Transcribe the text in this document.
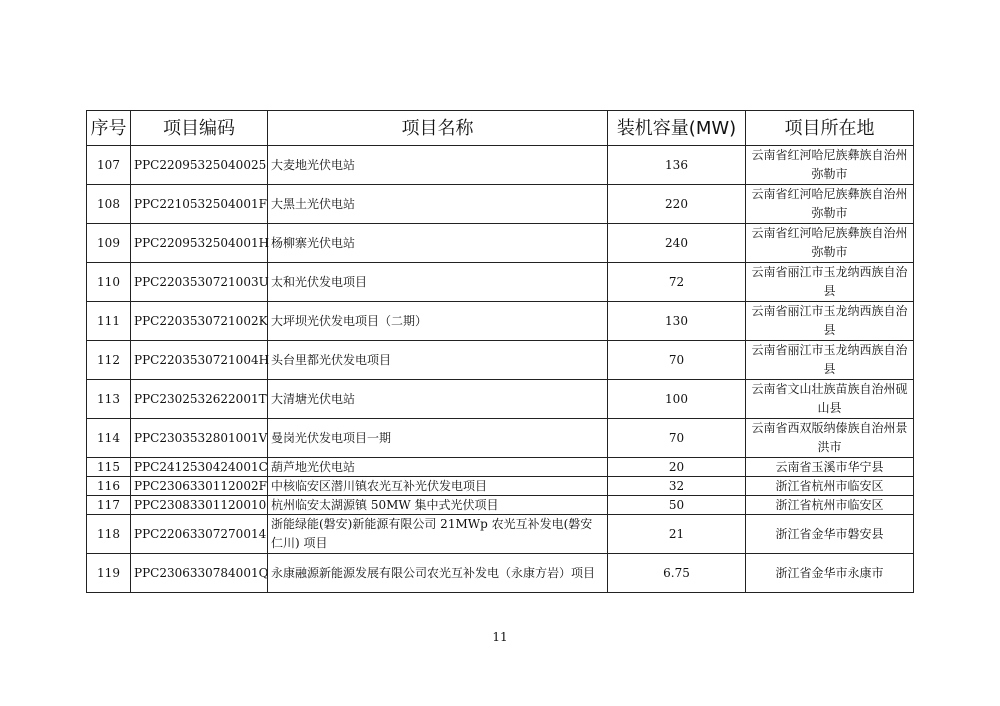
序号	项目编码	项目名称	装机容量(MW)	项目所在地
107	PPC22095325040025	大麦地光伏电站	136	云南省红河哈尼族彝族自治州弥勒市
108	PPC2210532504001F	大黑土光伏电站	220	云南省红河哈尼族彝族自治州弥勒市
109	PPC2209532504001H	杨柳寨光伏电站	240	云南省红河哈尼族彝族自治州弥勒市
110	PPC2203530721003U	太和光伏发电项目	72	云南省丽江市玉龙纳西族自治县
111	PPC2203530721002K	大坪坝光伏发电项目（二期）	130	云南省丽江市玉龙纳西族自治县
112	PPC2203530721004H	头台里都光伏发电项目	70	云南省丽江市玉龙纳西族自治县
113	PPC2302532622001T	大清塘光伏电站	100	云南省文山壮族苗族自治州砚山县
114	PPC2303532801001V	曼岗光伏发电项目一期	70	云南省西双版纳傣族自治州景洪市
115	PPC2412530424001C	葫芦地光伏电站	20	云南省玉溪市华宁县
116	PPC2306330112002F	中核临安区潜川镇农光互补光伏发电项目	32	浙江省杭州市临安区
117	PPC23083301120010	杭州临安太湖源镇 50MW 集中式光伏项目	50	浙江省杭州市临安区
118	PPC22063307270014	浙能绿能(磐安)新能源有限公司 21MWp 农光互补发电(磐安仁川) 项目	21	浙江省金华市磐安县
119	PPC2306330784001Q	永康融源新能源发展有限公司农光互补发电（永康方岩）项目	6.75	浙江省金华市永康市
11
